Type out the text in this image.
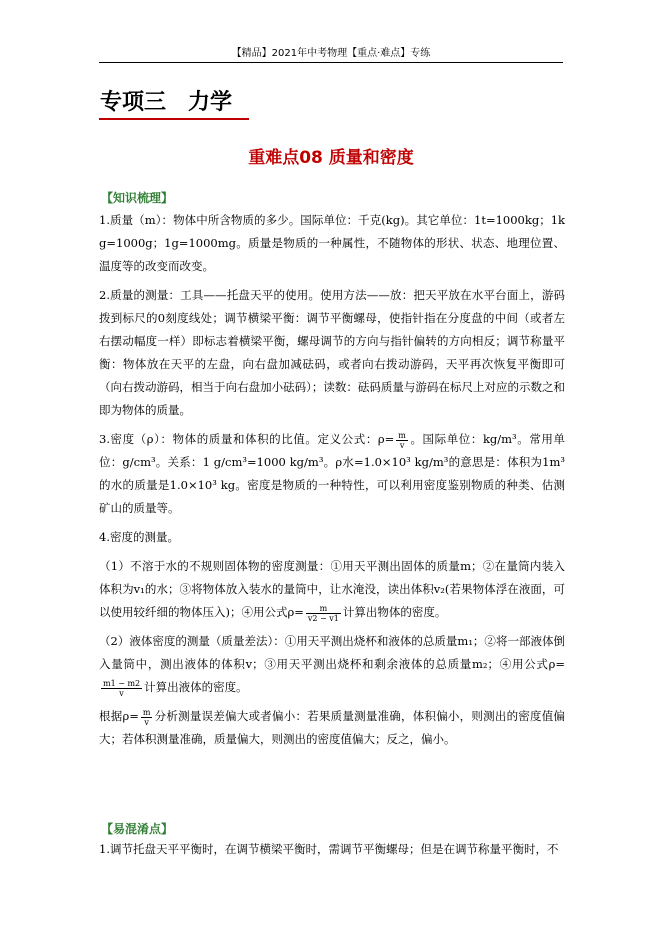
【精品】2021年中考物理【重点·难点】专练
专项三　力学
重难点08 质量和密度
【知识梳理】
1.质量（m）：物体中所含物质的多少。国际单位：千克(kg)。其它单位：1t=1000kg；1kg=1000g；1g=1000mg。质量是物质的一种属性，不随物体的形状、状态、地理位置、温度等的改变而改变。
2.质量的测量：工具——托盘天平的使用。使用方法——放：把天平放在水平台面上，游码拨到标尺的0刻度线处；调节横梁平衡：调节平衡螺母，使指针指在分度盘的中间（或者左右摆动幅度一样）即标志着横梁平衡，螺母调节的方向与指针偏转的方向相反；调节称量平衡：物体放在天平的左盘，向右盘加减砝码，或者向右拨动游码，天平再次恢复平衡即可（向右拨动游码，相当于向右盘加小砝码）；读数：砝码质量与游码在标尺上对应的示数之和即为物体的质量。
3.密度（ρ）：物体的质量和体积的比值。定义公式：$\rho= \frac{m}{v}$ 。国际单位：kg/m³。常用单位：g/cm³。关系：1 g/cm³=1000 kg/m³。ρ水=1.0×10³ kg/m³的意思是：体积为1m³的水的质量是1.0×10³ kg。密度是物质的一种特性，可以利用密度鉴别物质的种类、估测矿山的质量等。
4.密度的测量。
（1）不溶于水的不规则固体物的密度测量：①用天平测出固体的质量m；②在量筒内装入体积为v₁的水；③将物体放入装水的量筒中，让水淹没，读出体积v₂(若果物体浮在液面，可以使用较纤细的物体压入)；④用公式$\rho= \frac{m}{v2 - v1}$ 计算出物体的密度。
（2）液体密度的测量（质量差法）：①用天平测出烧杯和液体的总质量m₁；②将一部液体倒入量筒中，测出液体的体积v；③用天平测出烧杯和剩余液体的总质量m₂；④用公式ρ=
$\frac{m1 - m2}{v}$ 计算出液体的密度。
根据$\rho= \frac{m}{v}$ 分析测量误差偏大或者偏小：若果质量测量准确，体积偏小，则测出的密度值偏大；若体积测量准确，质量偏大，则测出的密度值偏大；反之，偏小。
【易混淆点】
1.调节托盘天平平衡时，在调节横梁平衡时，需调节平衡螺母；但是在调节称量平衡时，不
